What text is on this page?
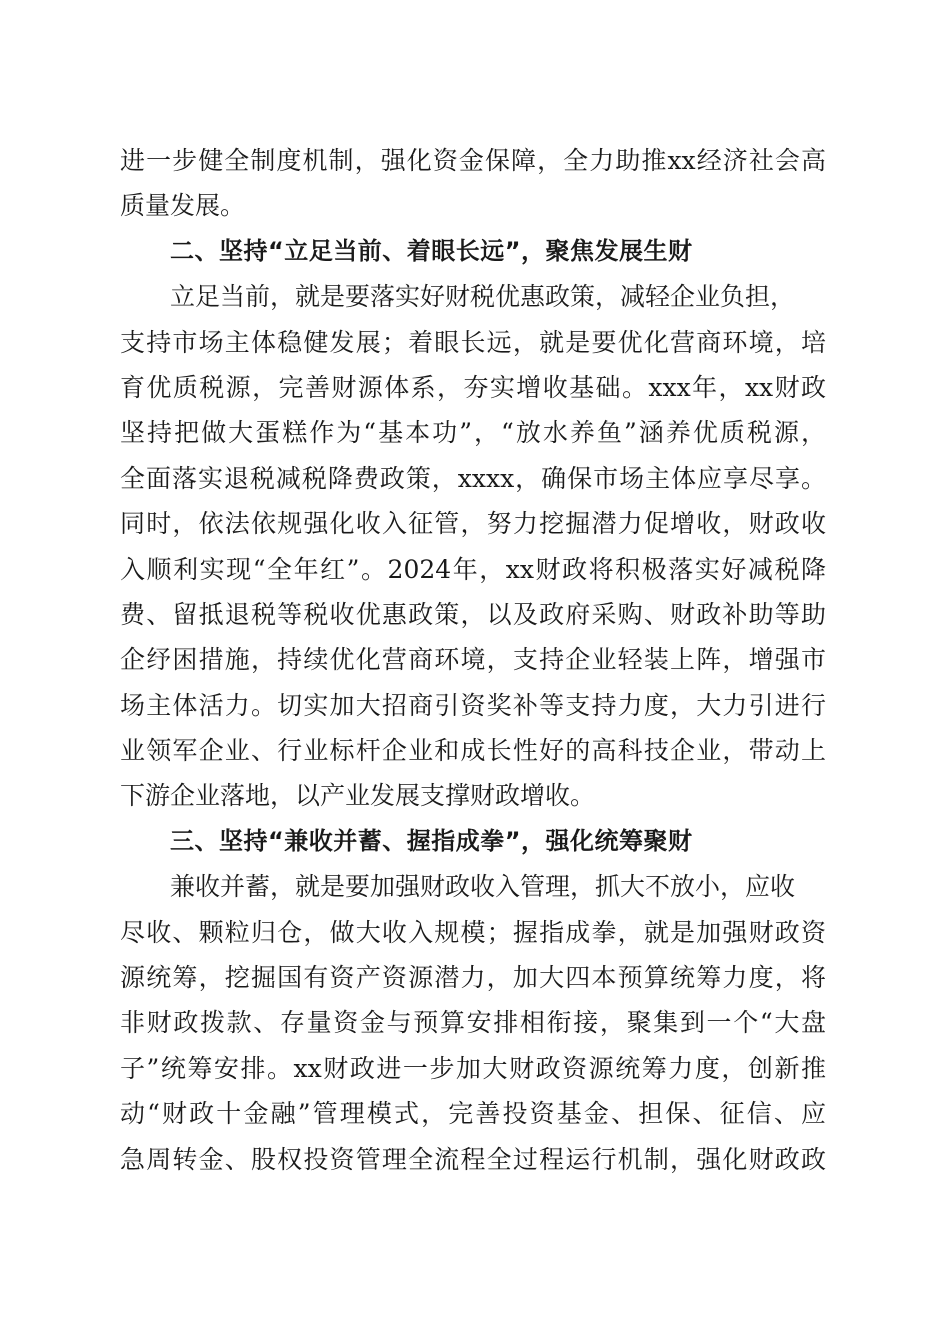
进一步健全制度机制，强化资金保障，全力助推xx经济社会高
质量发展。
二、坚持“立足当前、着眼长远”，聚焦发展生财
立足当前，就是要落实好财税优惠政策，减轻企业负担，
支持市场主体稳健发展；着眼长远，就是要优化营商环境，培
育优质税源，完善财源体系，夯实增收基础。xxx年，xx财政
坚持把做大蛋糕作为“基本功”，“放水养鱼”涵养优质税源，
全面落实退税减税降费政策，xxxx，确保市场主体应享尽享。
同时，依法依规强化收入征管，努力挖掘潜力促增收，财政收
入顺利实现“全年红”。2024年，xx财政将积极落实好减税降
费、留抵退税等税收优惠政策，以及政府采购、财政补助等助
企纾困措施，持续优化营商环境，支持企业轻装上阵，增强市
场主体活力。切实加大招商引资奖补等支持力度，大力引进行
业领军企业、行业标杆企业和成长性好的高科技企业，带动上
下游企业落地，以产业发展支撑财政增收。
三、坚持“兼收并蓄、握指成拳”，强化统筹聚财
兼收并蓄，就是要加强财政收入管理，抓大不放小，应收
尽收、颗粒归仓，做大收入规模；握指成拳，就是加强财政资
源统筹，挖掘国有资产资源潜力，加大四本预算统筹力度，将
非财政拨款、存量资金与预算安排相衔接，聚集到一个“大盘
子”统筹安排。xx财政进一步加大财政资源统筹力度，创新推
动“财政十金融”管理模式，完善投资基金、担保、征信、应
急周转金、股权投资管理全流程全过程运行机制，强化财政政
